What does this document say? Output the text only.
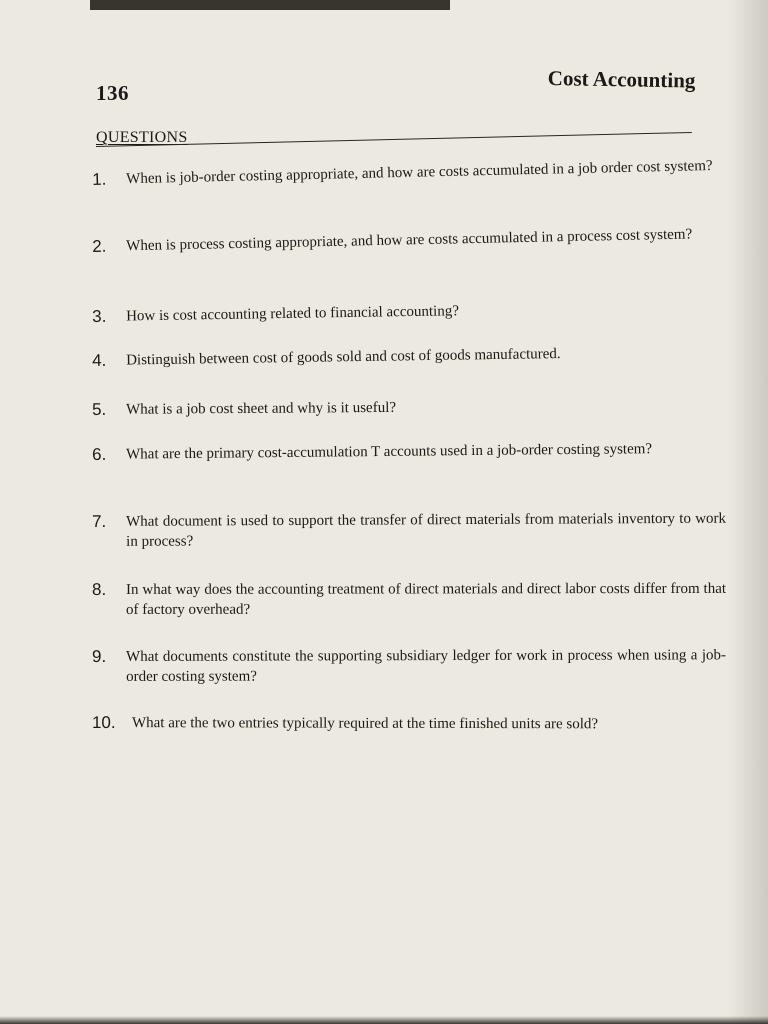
136
Cost Accounting
QUESTIONS
1.	When is job-order costing appropriate, and how are costs accumulated in a job order cost system?
2.	When is process costing appropriate, and how are costs accumulated in a process cost system?
3.	How is cost accounting related to financial accounting?
4.	Distinguish between cost of goods sold and cost of goods manufactured.
5.	What is a job cost sheet and why is it useful?
6.	What are the primary cost-accumulation T accounts used in a job-order costing system?
7.	What document is used to support the transfer of direct materials from materials inventory to work in process?
8.	In what way does the accounting treatment of direct materials and direct labor costs differ from that of factory overhead?
9.	What documents constitute the supporting subsidiary ledger for work in process when using a job-order costing system?
10.	What are the two entries typically required at the time finished units are sold?
